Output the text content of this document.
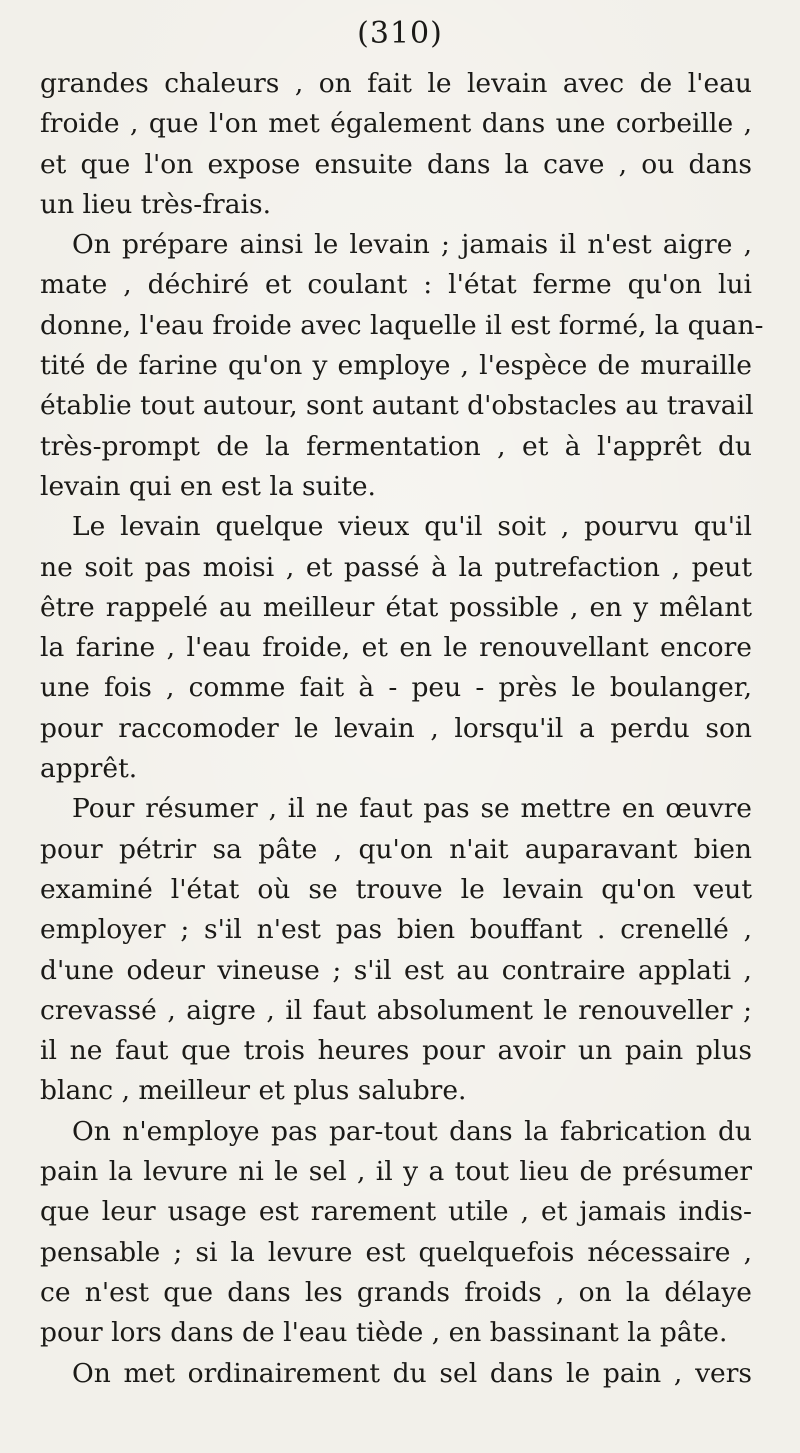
(310)
grandes chaleurs , on fait le levain avec de l'eau
froide , que l'on met également dans une corbeille ,
et que l'on expose ensuite dans la cave , ou dans
un lieu très-frais.
On prépare ainsi le levain ; jamais il n'est aigre ,
mate , déchiré et coulant : l'état ferme qu'on lui
donne, l'eau froide avec laquelle il est formé, la quan-
tité de farine qu'on y employe , l'espèce de muraille
établie tout autour, sont autant d'obstacles au travail
très-prompt de la fermentation , et à l'apprêt du
levain qui en est la suite.
Le levain quelque vieux qu'il soit , pourvu qu'il
ne soit pas moisi , et passé à la putrefaction , peut
être rappelé au meilleur état possible , en y mêlant
la farine , l'eau froide, et en le renouvellant encore
une fois , comme fait à - peu - près le boulanger,
pour raccomoder le levain , lorsqu'il a perdu son
apprêt.
Pour résumer , il ne faut pas se mettre en œuvre
pour pétrir sa pâte , qu'on n'ait auparavant bien
examiné l'état où se trouve le levain qu'on veut
employer ; s'il n'est pas bien bouffant . crenellé ,
d'une odeur vineuse ; s'il est au contraire applati ,
crevassé , aigre , il faut absolument le renouveller ;
il ne faut que trois heures pour avoir un pain plus
blanc , meilleur et plus salubre.
On n'employe pas par-tout dans la fabrication du
pain la levure ni le sel , il y a tout lieu de présumer
que leur usage est rarement utile , et jamais indis-
pensable ; si la levure est quelquefois nécessaire ,
ce n'est que dans les grands froids , on la délaye
pour lors dans de l'eau tiède , en bassinant la pâte.
On met ordinairement du sel dans le pain , vers
